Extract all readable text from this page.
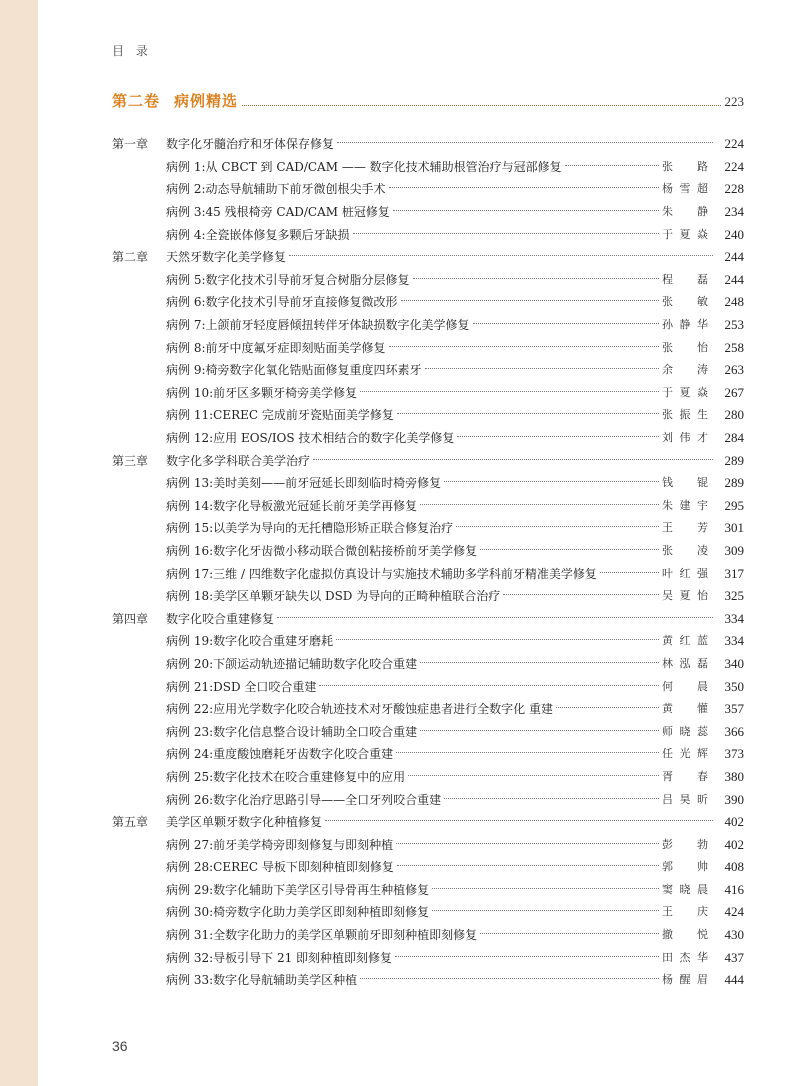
目 录
第二卷 病例精选	223
第一章	数字化牙髓治疗和牙体保存修复	224
病例 1: 从 CBCT 到 CAD/CAM —— 数字化技术辅助根管治疗与冠部修复	张 路	224
病例 2: 动态导航辅助下前牙微创根尖手术	杨雪超	228
病例 3: 45 残根椅旁 CAD/CAM 桩冠修复	朱 静	234
病例 4: 全瓷嵌体修复多颗后牙缺损	于夏焱	240
第二章	天然牙数字化美学修复	244
病例 5: 数字化技术引导前牙复合树脂分层修复	程 磊	244
病例 6: 数字化技术引导前牙直接修复微改形	张 敏	248
病例 7: 上颌前牙轻度唇倾扭转伴牙体缺损数字化美学修复	孙静华	253
病例 8: 前牙中度氟牙症即刻贴面美学修复	张 怡	258
病例 9: 椅旁数字化氧化锆贴面修复重度四环素牙	余 涛	263
病例 10: 前牙区多颗牙椅旁美学修复	于夏焱	267
病例 11: CEREC 完成前牙瓷贴面美学修复	张振生	280
病例 12: 应用 EOS/IOS 技术相结合的数字化美学修复	刘伟才	284
第三章	数字化多学科联合美学治疗	289
病例 13: 美时美刻——前牙冠延长即刻临时椅旁修复	钱 锟	289
病例 14: 数字化导板激光冠延长前牙美学再修复	朱建宇	295
病例 15: 以美学为导向的无托槽隐形矫正联合修复治疗	王 芳	301
病例 16: 数字化牙齿微小移动联合微创粘接桥前牙美学修复	张 凌	309
病例 17: 三维 / 四维数字化虚拟仿真设计与实施技术辅助多学科前牙精准美学修复	叶红强	317
病例 18: 美学区单颗牙缺失以 DSD 为导向的正畸种植联合治疗	吴夏怡	325
第四章	数字化咬合重建修复	334
病例 19: 数字化咬合重建牙磨耗	黄红蓝	334
病例 20: 下颌运动轨迹描记辅助数字化咬合重建	林泓磊	340
病例 21: DSD 全口咬合重建	何 晨	350
病例 22: 应用光学数字化咬合轨迹技术对牙酸蚀症患者进行全数字化 重建	黄 懽	357
病例 23: 数字化信息整合设计辅助全口咬合重建	师晓蕊	366
病例 24: 重度酸蚀磨耗牙齿数字化咬合重建	任光辉	373
病例 25: 数字化技术在咬合重建修复中的应用	胥 春	380
病例 26: 数字化治疗思路引导——全口牙列咬合重建	吕昊昕	390
第五章	美学区单颗牙数字化种植修复	402
病例 27: 前牙美学椅旁即刻修复与即刻种植	彭 勃	402
病例 28: CEREC 导板下即刻种植即刻修复	郭 帅	408
病例 29: 数字化辅助下美学区引导骨再生种植修复	窦晓晨	416
病例 30: 椅旁数字化助力美学区即刻种植即刻修复	王 庆	424
病例 31: 全数字化助力的美学区单颗前牙即刻种植即刻修复	撤 悦	430
病例 32: 导板引导下 21 即刻种植即刻修复	田杰华	437
病例 33: 数字化导航辅助美学区种植	杨醒眉	444
36
